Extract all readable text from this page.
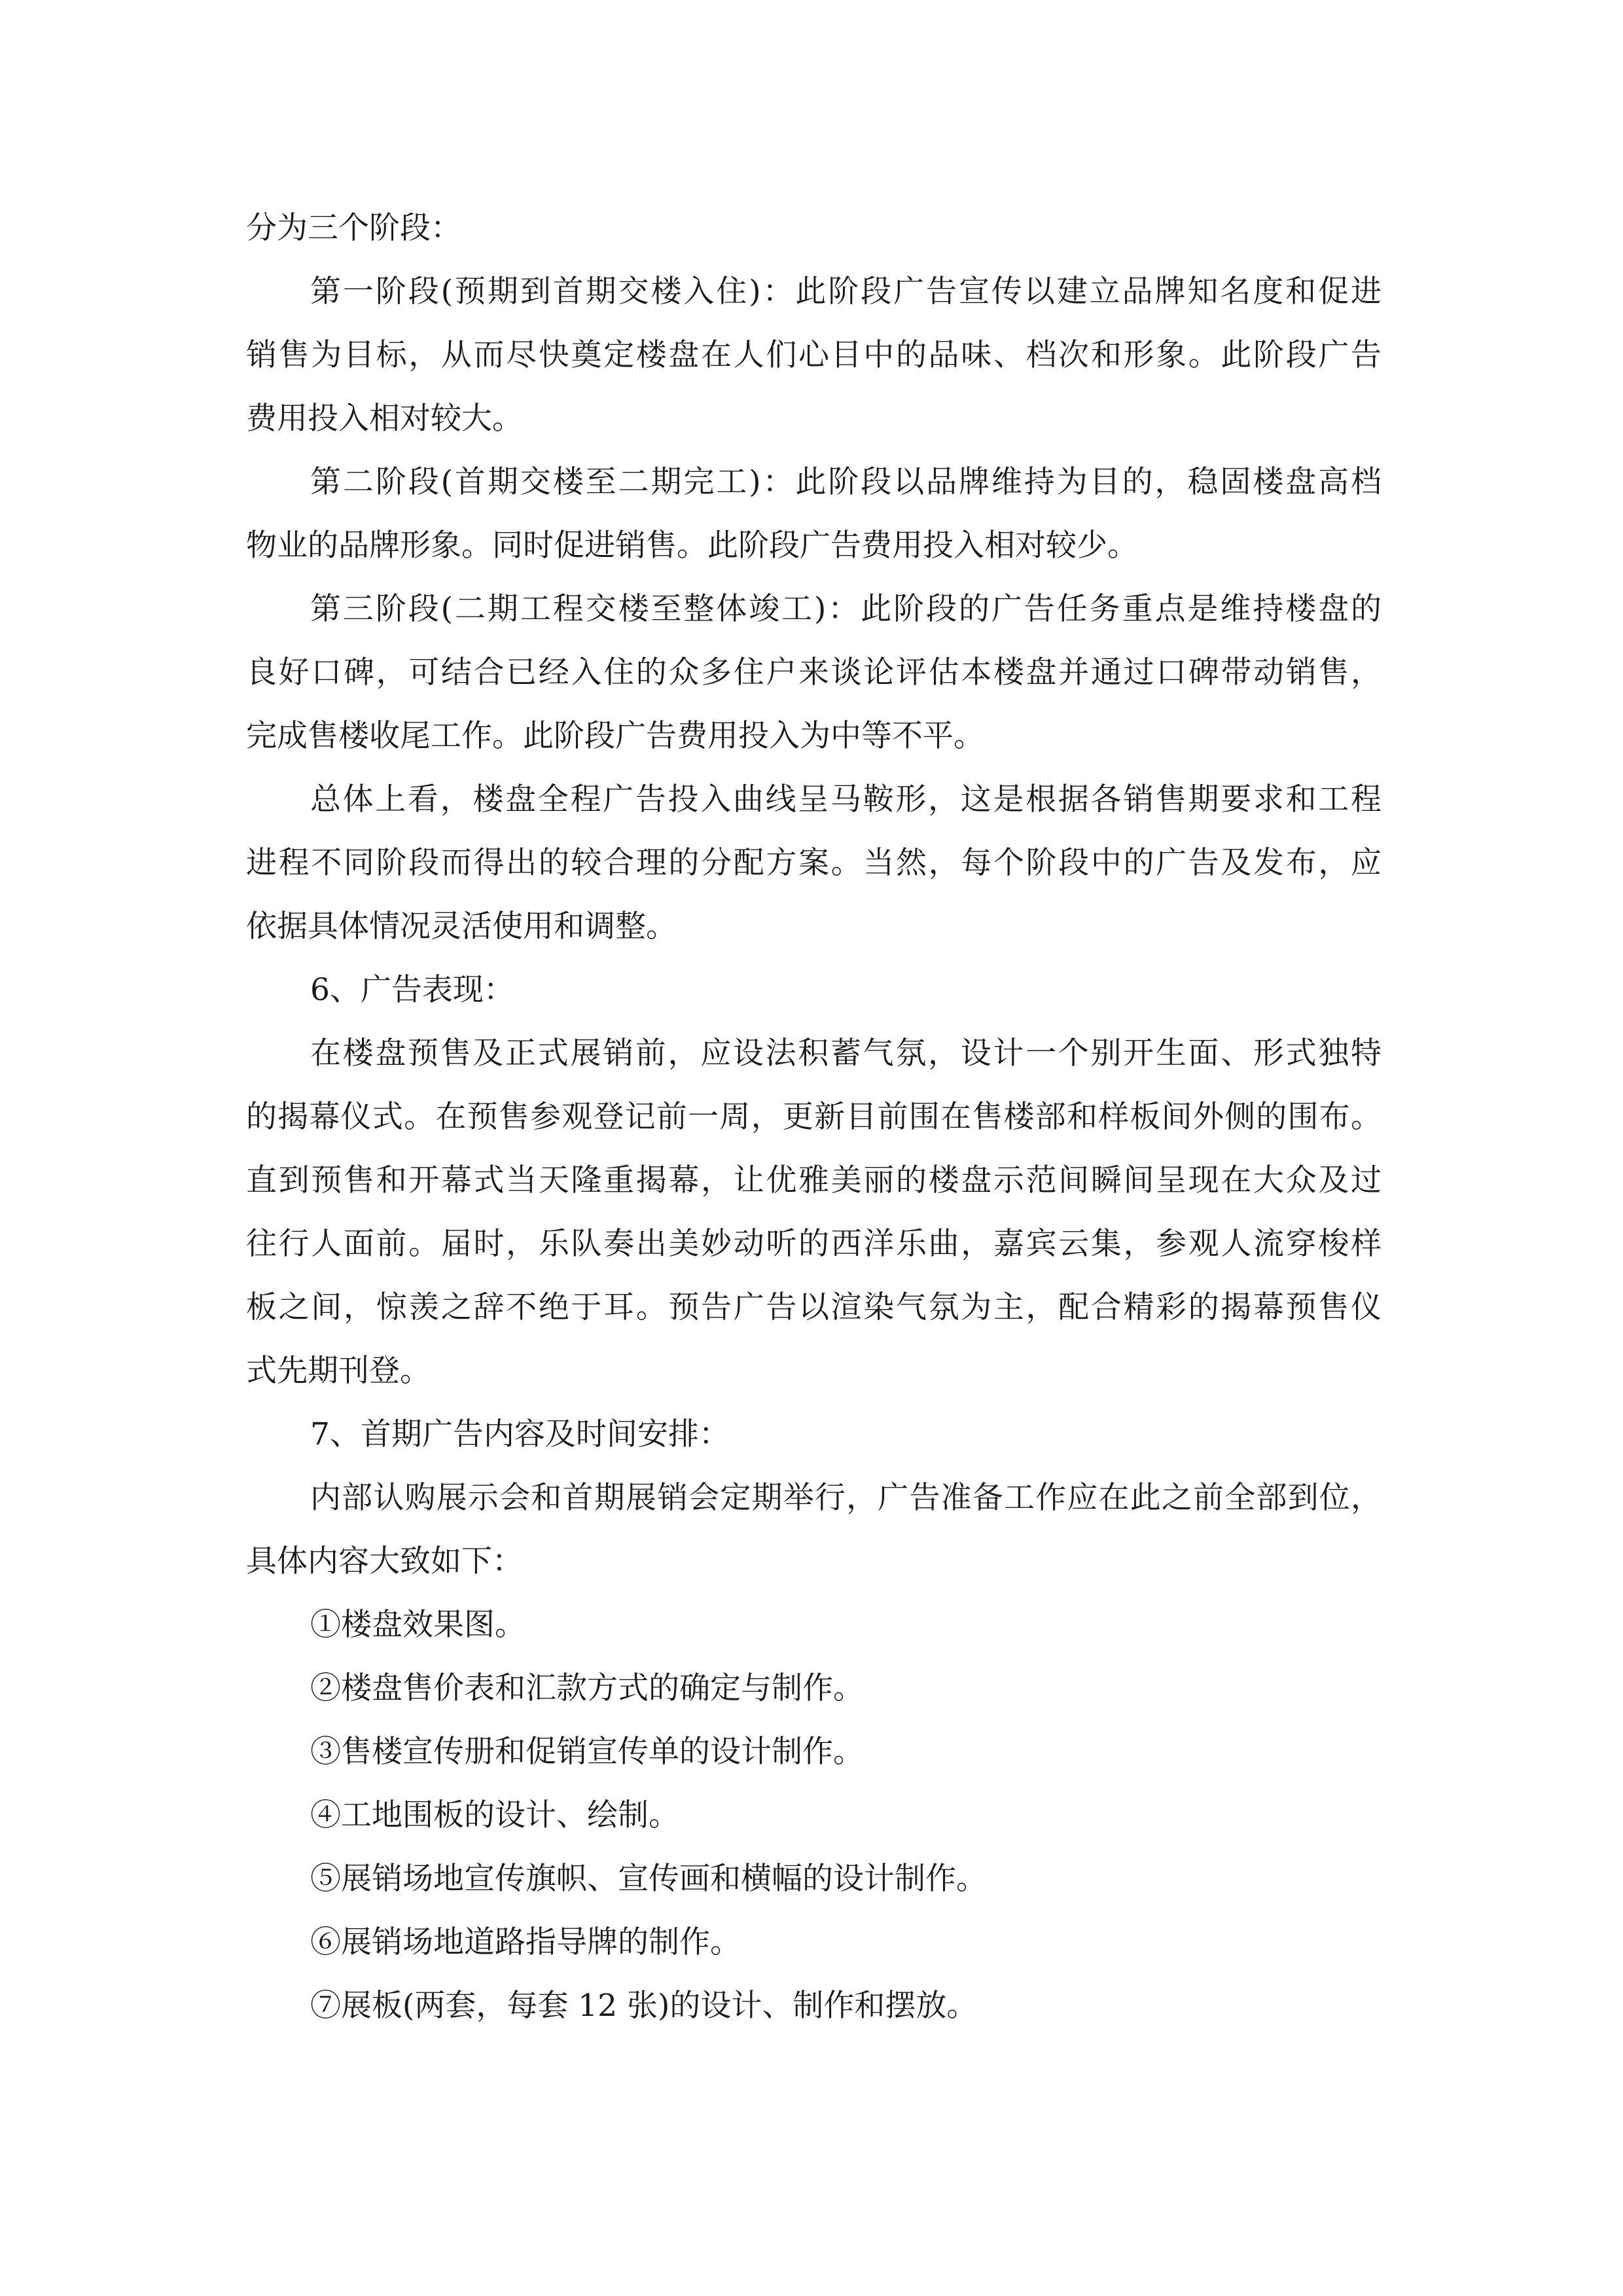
分为三个阶段：
第一阶段(预期到首期交楼入住)：此阶段广告宣传以建立品牌知名度和促进
销售为目标，从而尽快奠定楼盘在人们心目中的品味、档次和形象。此阶段广告
费用投入相对较大。
第二阶段(首期交楼至二期完工)：此阶段以品牌维持为目的，稳固楼盘高档
物业的品牌形象。同时促进销售。此阶段广告费用投入相对较少。
第三阶段(二期工程交楼至整体竣工)：此阶段的广告任务重点是维持楼盘的
良好口碑，可结合已经入住的众多住户来谈论评估本楼盘并通过口碑带动销售，
完成售楼收尾工作。此阶段广告费用投入为中等不平。
总体上看，楼盘全程广告投入曲线呈马鞍形，这是根据各销售期要求和工程
进程不同阶段而得出的较合理的分配方案。当然，每个阶段中的广告及发布，应
依据具体情况灵活使用和调整。
6、广告表现：
在楼盘预售及正式展销前，应设法积蓄气氛，设计一个别开生面、形式独特
的揭幕仪式。在预售参观登记前一周，更新目前围在售楼部和样板间外侧的围布。
直到预售和开幕式当天隆重揭幕，让优雅美丽的楼盘示范间瞬间呈现在大众及过
往行人面前。届时，乐队奏出美妙动听的西洋乐曲，嘉宾云集，参观人流穿梭样
板之间，惊羡之辞不绝于耳。预告广告以渲染气氛为主，配合精彩的揭幕预售仪
式先期刊登。
7、首期广告内容及时间安排：
内部认购展示会和首期展销会定期举行，广告准备工作应在此之前全部到位，
具体内容大致如下：
①楼盘效果图。
②楼盘售价表和汇款方式的确定与制作。
③售楼宣传册和促销宣传单的设计制作。
④工地围板的设计、绘制。
⑤展销场地宣传旗帜、宣传画和横幅的设计制作。
⑥展销场地道路指导牌的制作。
⑦展板(两套，每套 12 张)的设计、制作和摆放。
